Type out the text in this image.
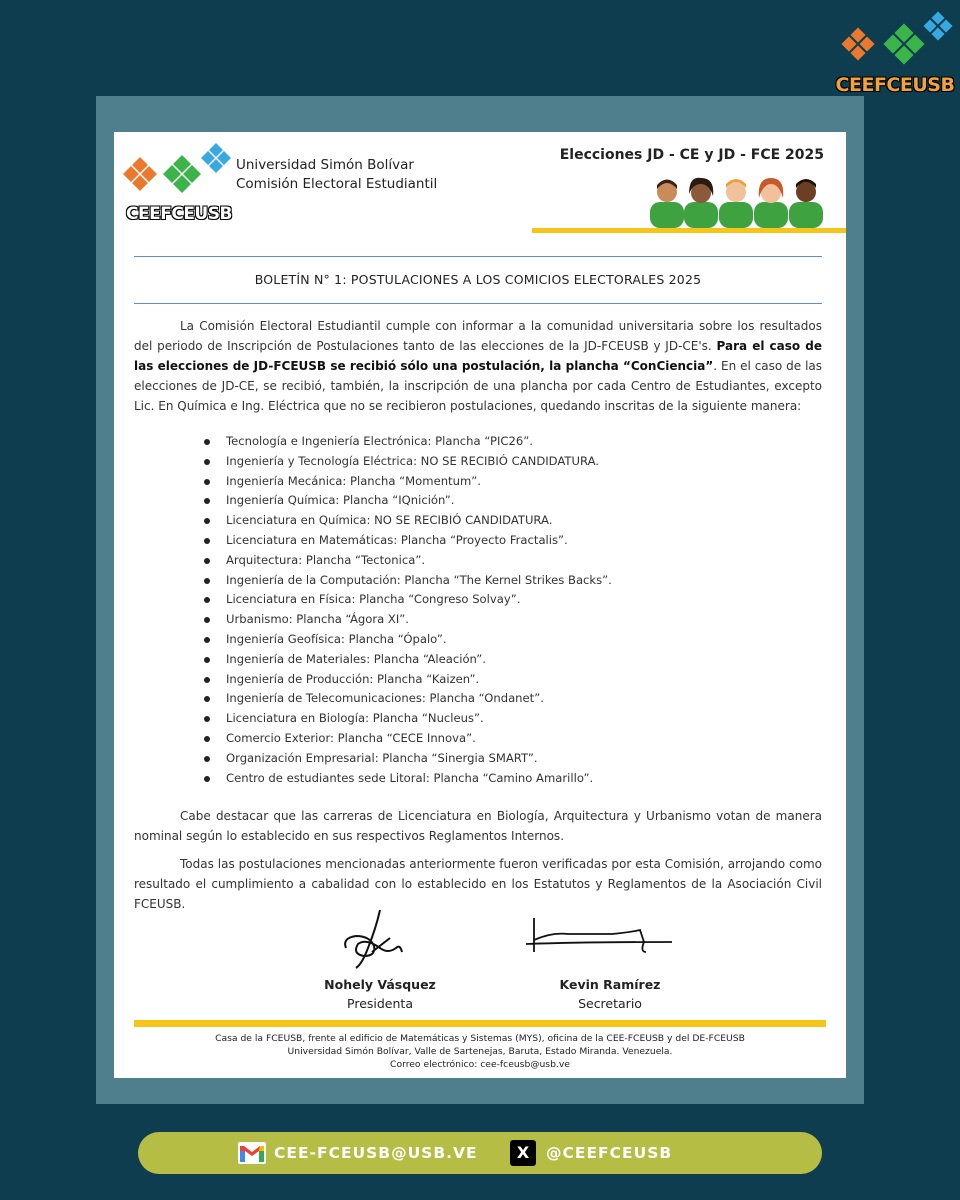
CEEFCEUSB
CEEFCEUSB
Universidad Simón Bolívar
Comisión Electoral Estudiantil
Elecciones JD - CE y JD - FCE 2025
BOLETÍN N° 1: POSTULACIONES A LOS COMICIOS ELECTORALES 2025

La Comisión Electoral Estudiantil cumple con informar a la comunidad universitaria sobre los resultados del periodo de Inscripción de Postulaciones tanto de las elecciones de la JD-FCEUSB y JD-CE's. Para el caso de las elecciones de JD-FCEUSB se recibió sólo una postulación, la plancha “ConCiencia”. En el caso de las elecciones de JD-CE, se recibió, también, la inscripción de una plancha por cada Centro de Estudiantes, excepto Lic. En Química e Ing. Eléctrica que no se recibieron postulaciones, quedando inscritas de la siguiente manera:

Tecnología e Ingeniería Electrónica: Plancha “PIC26”.
Ingeniería y Tecnología Eléctrica: NO SE RECIBIÓ CANDIDATURA.
Ingeniería Mecánica: Plancha “Momentum”.
Ingeniería Química: Plancha “IQnición”.
Licenciatura en Química: NO SE RECIBIÓ CANDIDATURA.
Licenciatura en Matemáticas: Plancha “Proyecto Fractalis”.
Arquitectura: Plancha “Tectonica”.
Ingeniería de la Computación: Plancha “The Kernel Strikes Backs”.
Licenciatura en Física: Plancha “Congreso Solvay”.
Urbanismo: Plancha “Ágora XI”.
Ingeniería Geofísica: Plancha “Ópalo”.
Ingeniería de Materiales: Plancha “Aleación”.
Ingeniería de Producción: Plancha “Kaizen”.
Ingeniería de Telecomunicaciones: Plancha “Ondanet”.
Licenciatura en Biología: Plancha “Nucleus”.
Comercio Exterior: Plancha “CECE Innova”.
Organización Empresarial: Plancha “Sinergia SMART”.
Centro de estudiantes sede Litoral: Plancha “Camino Amarillo”.

Cabe destacar que las carreras de Licenciatura en Biología, Arquitectura y Urbanismo votan de manera nominal según lo establecido en sus respectivos Reglamentos Internos.

Todas las postulaciones mencionadas anteriormente fueron verificadas por esta Comisión, arrojando como resultado el cumplimiento a cabalidad con lo establecido en los Estatutos y Reglamentos de la Asociación Civil FCEUSB.

Nohely Vásquez
Presidenta
Kevin Ramírez
Secretario
Casa de la FCEUSB, frente al edificio de Matemáticas y Sistemas (MYS), oficina de la CEE-FCEUSB y del DE-FCEUSB
Universidad Simón Bolívar, Valle de Sartenejas, Baruta, Estado Miranda. Venezuela.
Correo electrónico: cee-fceusb@usb.ve
CEE-FCEUSB@USB.VE	X	@CEEFCEUSB
